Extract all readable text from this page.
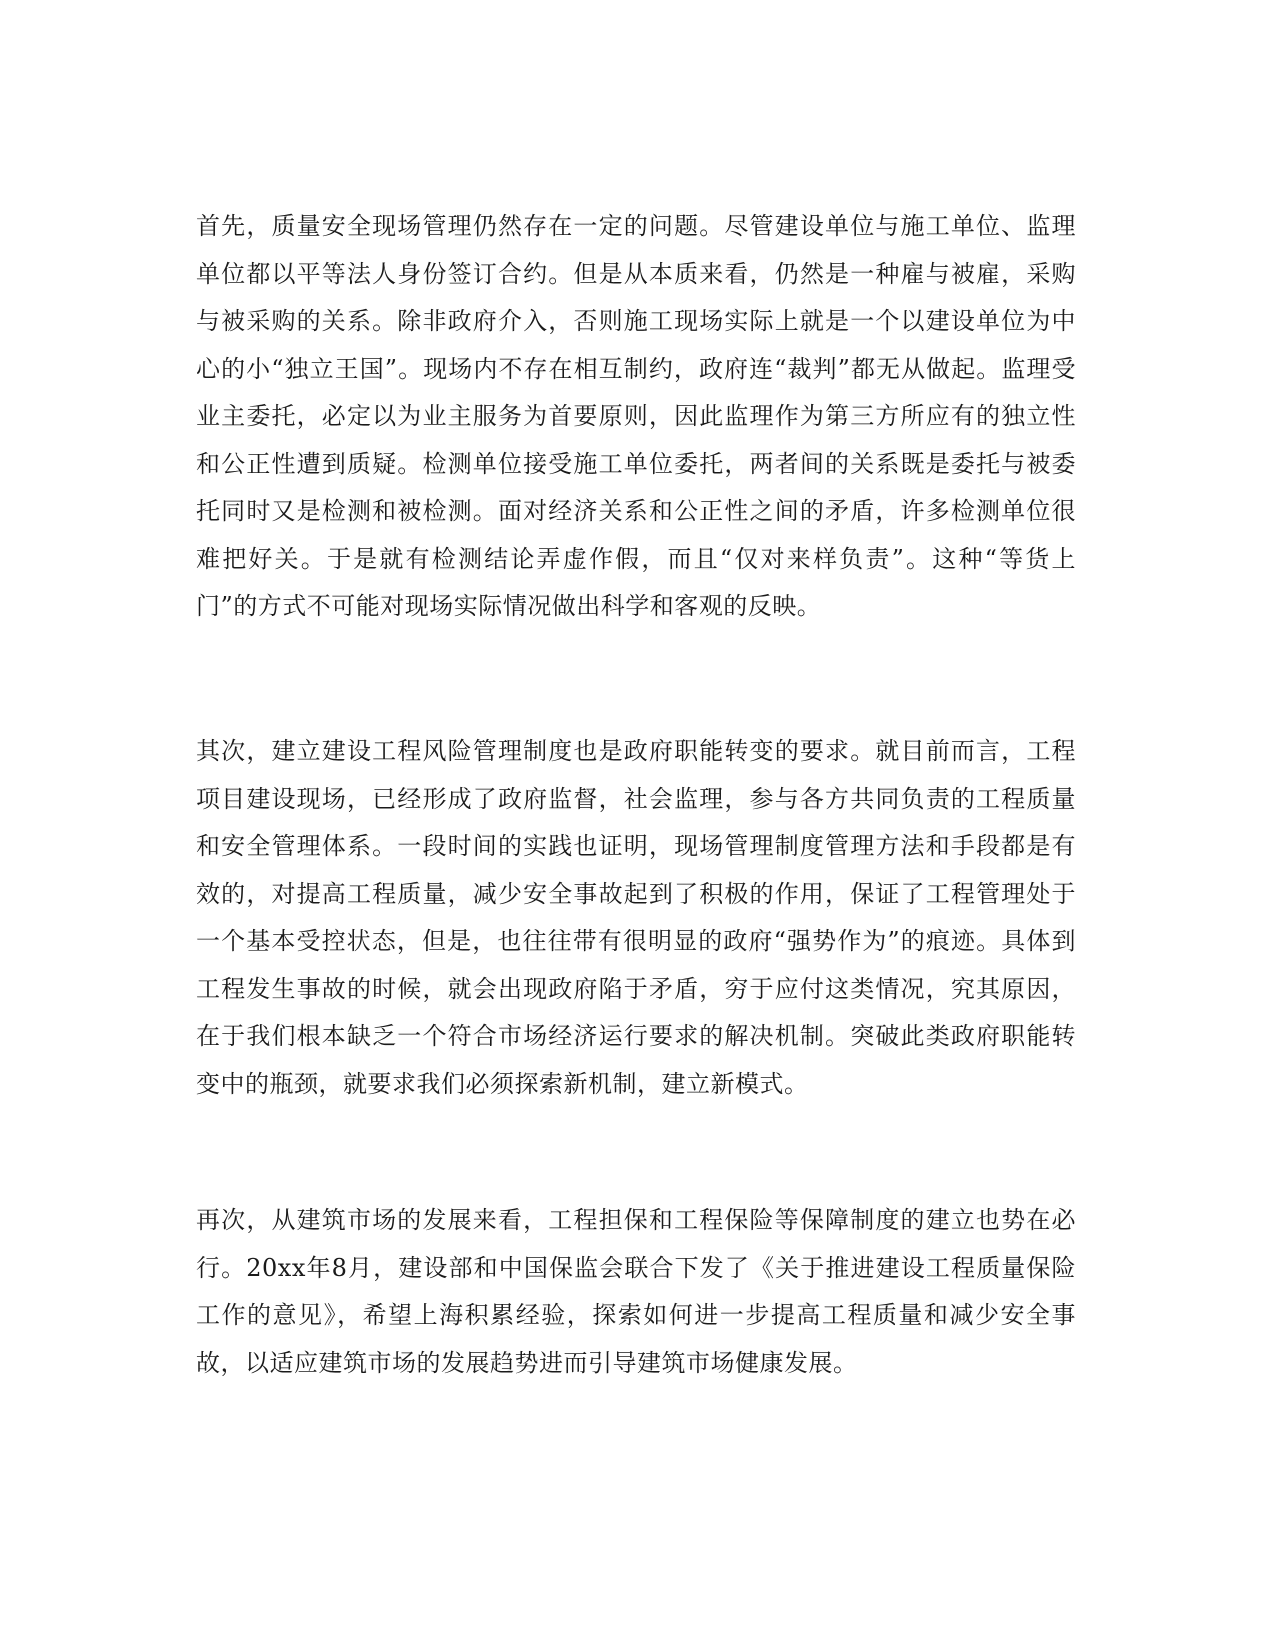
首先，质量安全现场管理仍然存在一定的问题。尽管建设单位与施工单位、监理单位都以平等法人身份签订合约。但是从本质来看，仍然是一种雇与被雇，采购与被采购的关系。除非政府介入，否则施工现场实际上就是一个以建设单位为中心的小“独立王国”。现场内不存在相互制约，政府连“裁判”都无从做起。监理受业主委托，必定以为业主服务为首要原则，因此监理作为第三方所应有的独立性和公正性遭到质疑。检测单位接受施工单位委托，两者间的关系既是委托与被委托同时又是检测和被检测。面对经济关系和公正性之间的矛盾，许多检测单位很难把好关。于是就有检测结论弄虚作假，而且“仅对来样负责”。这种“等货上门”的方式不可能对现场实际情况做出科学和客观的反映。

其次，建立建设工程风险管理制度也是政府职能转变的要求。就目前而言，工程项目建设现场，已经形成了政府监督，社会监理，参与各方共同负责的工程质量和安全管理体系。一段时间的实践也证明，现场管理制度管理方法和手段都是有效的，对提高工程质量，减少安全事故起到了积极的作用，保证了工程管理处于一个基本受控状态，但是，也往往带有很明显的政府“强势作为”的痕迹。具体到工程发生事故的时候，就会出现政府陷于矛盾，穷于应付这类情况，究其原因，在于我们根本缺乏一个符合市场经济运行要求的解决机制。突破此类政府职能转变中的瓶颈，就要求我们必须探索新机制，建立新模式。

再次，从建筑市场的发展来看，工程担保和工程保险等保障制度的建立也势在必行。20xx年8月，建设部和中国保监会联合下发了《关于推进建设工程质量保险工作的意见》，希望上海积累经验，探索如何进一步提高工程质量和减少安全事故，以适应建筑市场的发展趋势进而引导建筑市场健康发展。
